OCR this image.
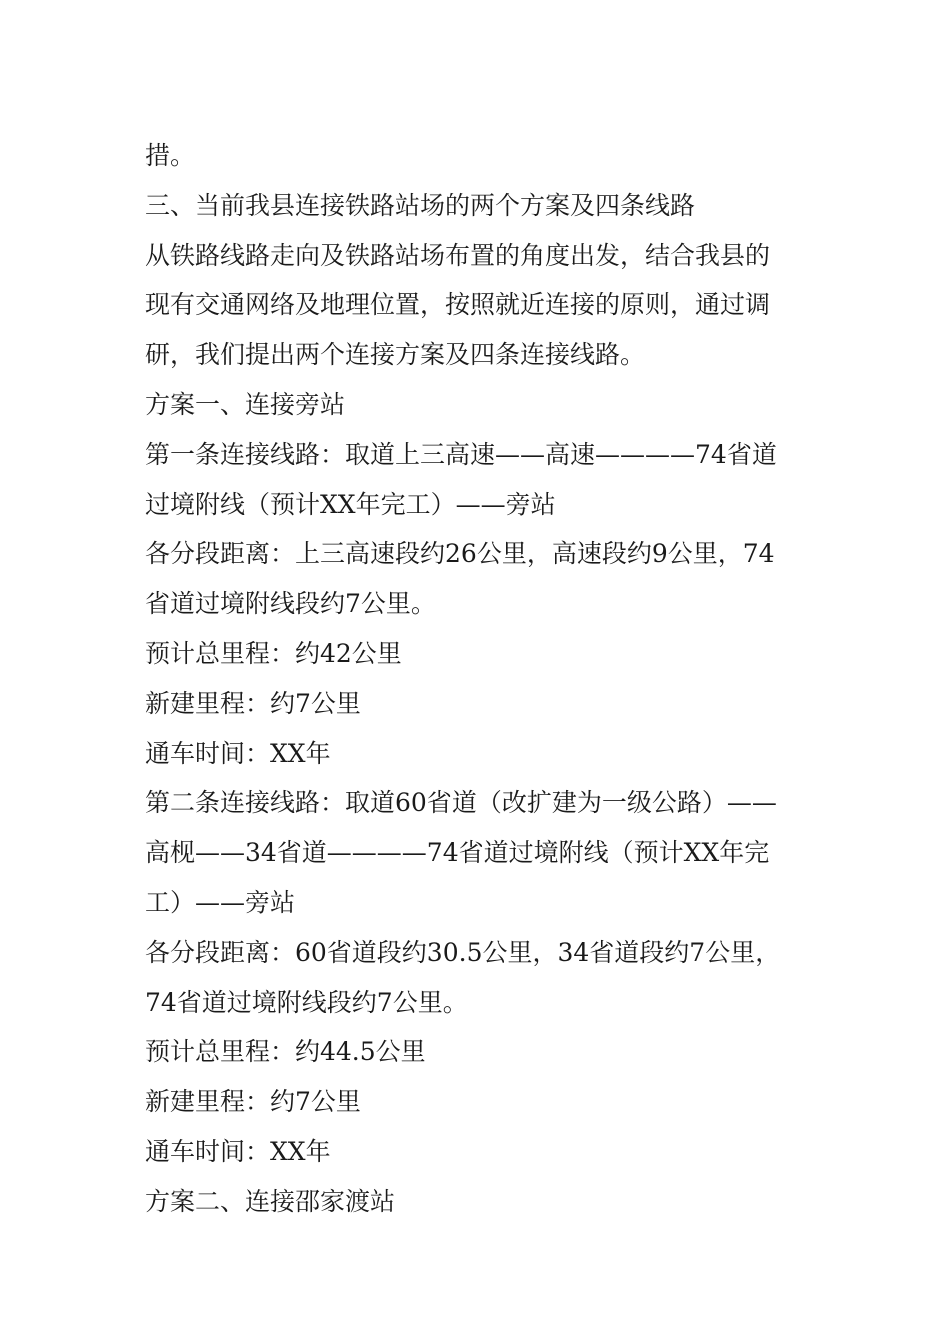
措。
三、当前我县连接铁路站场的两个方案及四条线路
从铁路线路走向及铁路站场布置的角度出发，结合我县的
现有交通网络及地理位置，按照就近连接的原则，通过调
研，我们提出两个连接方案及四条连接线路。
方案一、连接旁站
第一条连接线路：取道上三高速——高速————74省道
过境附线（预计XX年完工）——旁站
各分段距离：上三高速段约26公里，高速段约9公里，74
省道过境附线段约7公里。
预计总里程：约42公里
新建里程：约7公里
通车时间：XX年
第二条连接线路：取道60省道（改扩建为一级公路）——
高枧——34省道————74省道过境附线（预计XX年完
工）——旁站
各分段距离：60省道段约30.5公里，34省道段约7公里，
74省道过境附线段约7公里。
预计总里程：约44.5公里
新建里程：约7公里
通车时间：XX年
方案二、连接邵家渡站
